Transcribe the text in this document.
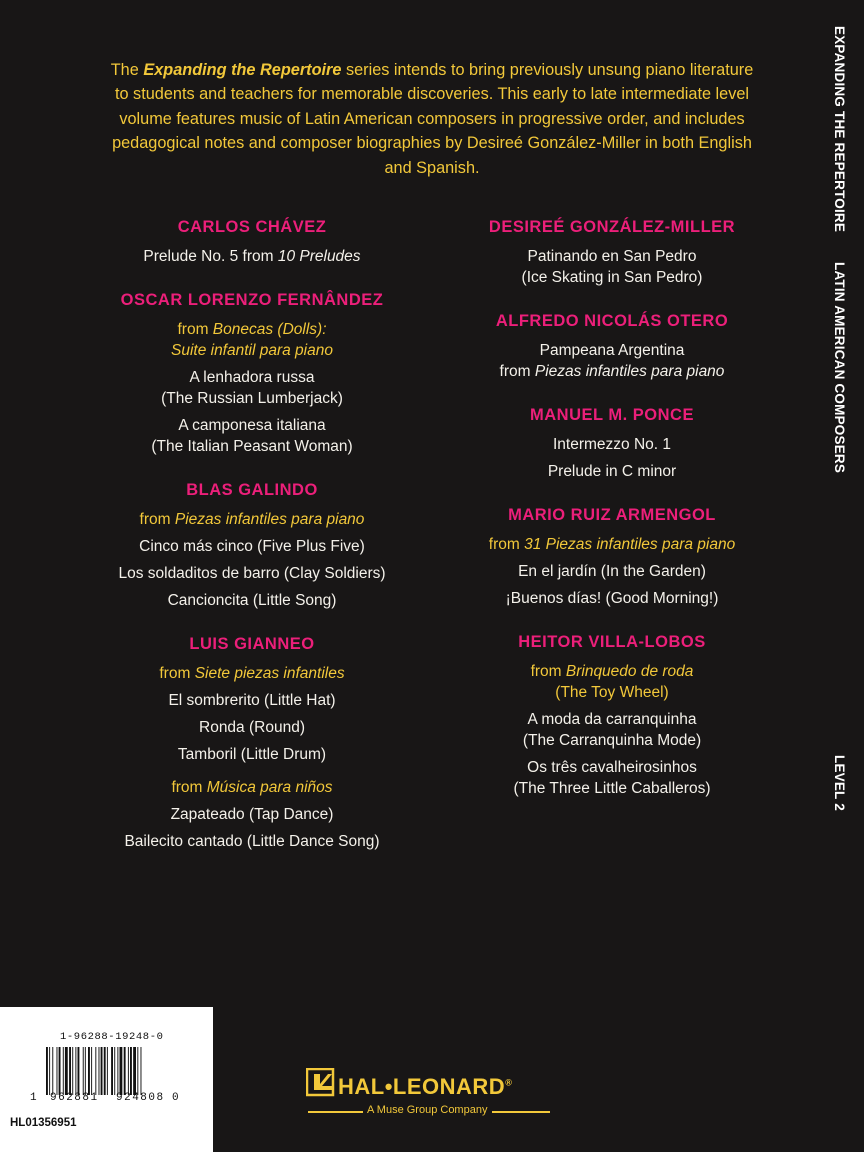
The Expanding the Repertoire series intends to bring previously unsung piano literature to students and teachers for memorable discoveries. This early to late intermediate level volume features music of Latin American composers in progressive order, and includes pedagogical notes and composer biographies by Desireé González-Miller in both English and Spanish.
CARLOS CHÁVEZ
Prelude No. 5 from 10 Preludes
OSCAR LORENZO FERNÂNDEZ
from Bonecas (Dolls):
Suite infantil para piano
A lenhadora russa
(The Russian Lumberjack)
A camponesa italiana
(The Italian Peasant Woman)
BLAS GALINDO
from Piezas infantiles para piano
Cinco más cinco (Five Plus Five)
Los soldaditos de barro (Clay Soldiers)
Cancioncita (Little Song)
LUIS GIANNEO
from Siete piezas infantiles
El sombrerito (Little Hat)
Ronda (Round)
Tamboril (Little Drum)
from Música para niños
Zapateado (Tap Dance)
Bailecito cantado (Little Dance Song)
DESIREÉ GONZÁLEZ-MILLER
Patinando en San Pedro
(Ice Skating in San Pedro)
ALFREDO NICOLÁS OTERO
Pampeana Argentina
from Piezas infantiles para piano
MANUEL M. PONCE
Intermezzo No. 1
Prelude in C minor
MARIO RUIZ ARMENGOL
from 31 Piezas infantiles para piano
En el jardín (In the Garden)
¡Buenos días! (Good Morning!)
HEITOR VILLA-LOBOS
from Brinquedo de roda
(The Toy Wheel)
A moda da carranquinha
(The Carranquinha Mode)
Os três cavalheirosinhos
(The Three Little Caballeros)
EXPANDING THE REPERTOIRE
LATIN AMERICAN COMPOSERS
LEVEL 2
1-96288-19248-0
1 962881 924808 0
HL01356951
HAL•LEONARD®
A Muse Group Company
